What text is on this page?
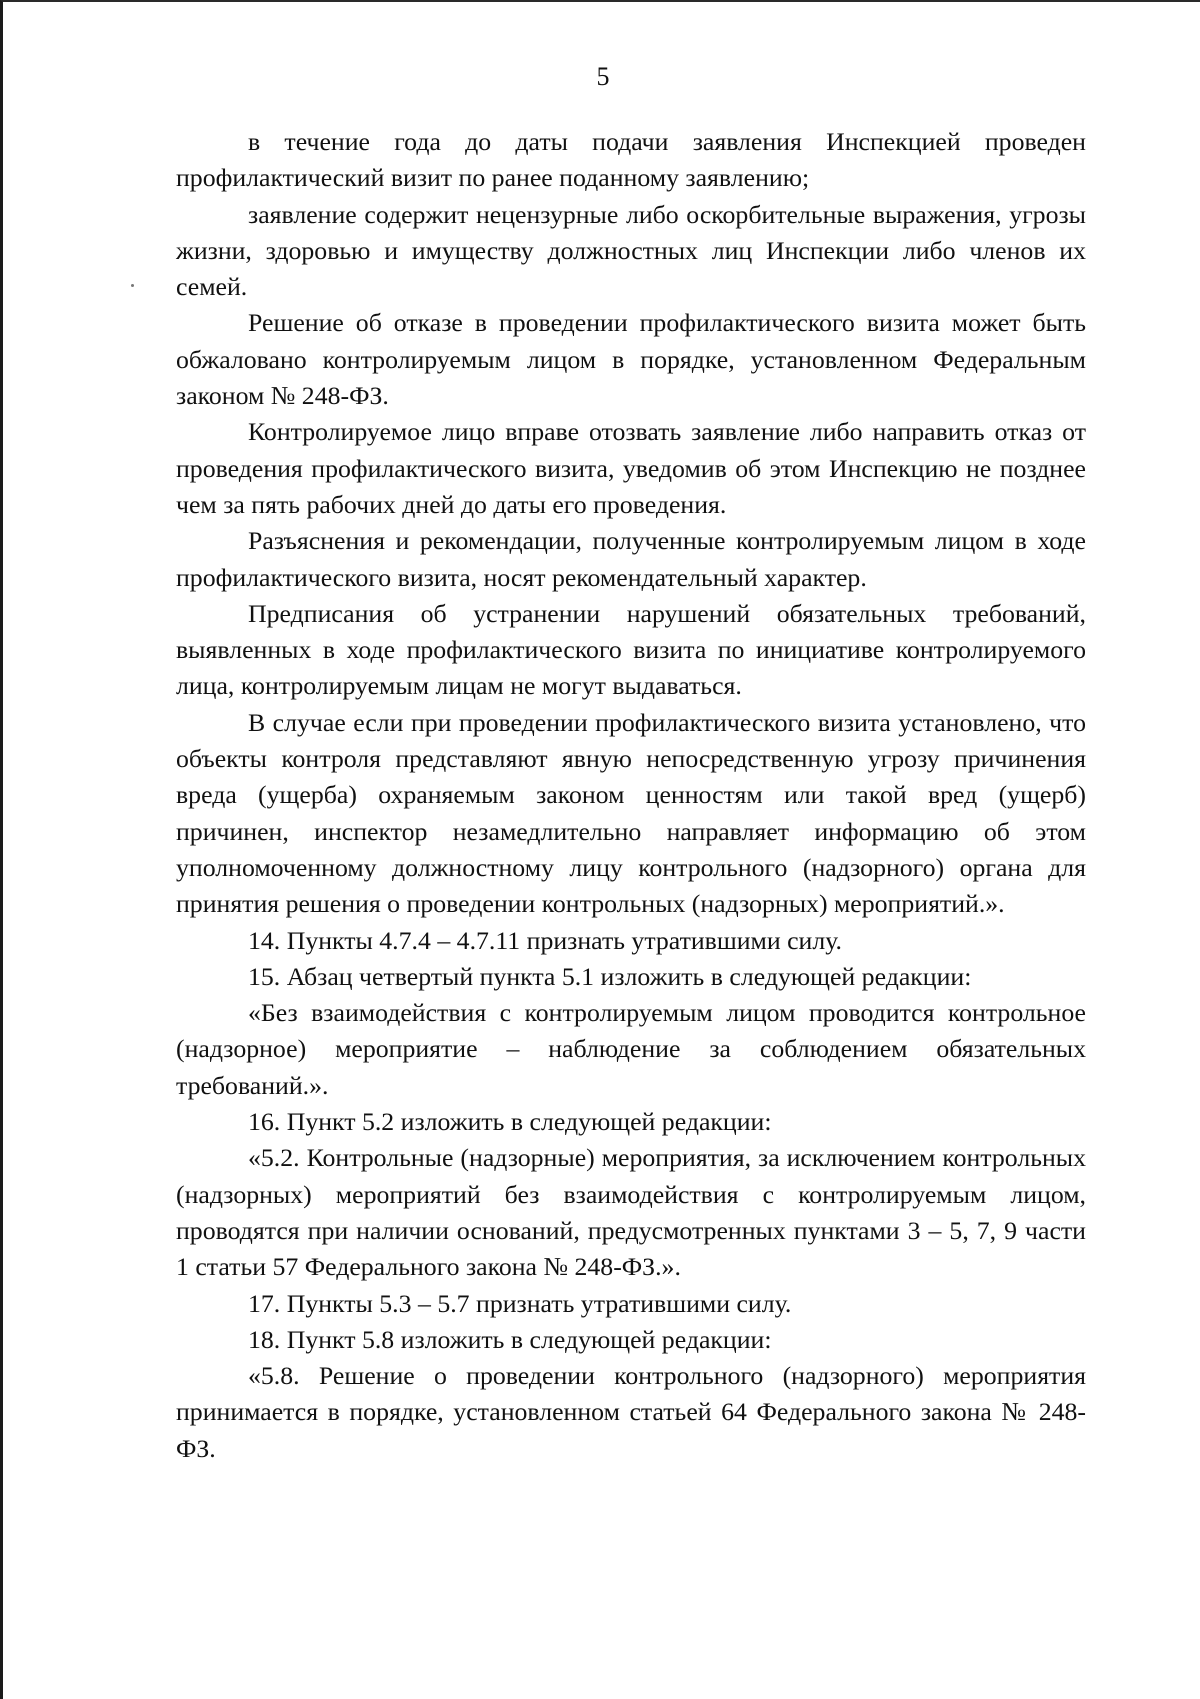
5

в течение года до даты подачи заявления Инспекцией проведен профилактический визит по ранее поданному заявлению;

заявление содержит нецензурные либо оскорбительные выражения, угрозы жизни, здоровью и имуществу должностных лиц Инспекции либо членов их семей.

Решение об отказе в проведении профилактического визита может быть обжаловано контролируемым лицом в порядке, установленном Федеральным законом № 248-ФЗ.

Контролируемое лицо вправе отозвать заявление либо направить отказ от проведения профилактического визита, уведомив об этом Инспекцию не позднее чем за пять рабочих дней до даты его проведения.

Разъяснения и рекомендации, полученные контролируемым лицом в ходе профилактического визита, носят рекомендательный характер.

Предписания об устранении нарушений обязательных требований, выявленных в ходе профилактического визита по инициативе контролируемого лица, контролируемым лицам не могут выдаваться.

В случае если при проведении профилактического визита установлено, что объекты контроля представляют явную непосредственную угрозу причинения вреда (ущерба) охраняемым законом ценностям или такой вред (ущерб) причинен, инспектор незамедлительно направляет информацию об этом уполномоченному должностному лицу контрольного (надзорного) органа для принятия решения о проведении контрольных (надзорных) мероприятий.».

14. Пункты 4.7.4 – 4.7.11 признать утратившими силу.

15. Абзац четвертый пункта 5.1 изложить в следующей редакции:

«Без взаимодействия с контролируемым лицом проводится контрольное (надзорное) мероприятие – наблюдение за соблюдением обязательных требований.».

16. Пункт 5.2 изложить в следующей редакции:

«5.2. Контрольные (надзорные) мероприятия, за исключением контрольных (надзорных) мероприятий без взаимодействия с контролируемым лицом, проводятся при наличии оснований, предусмотренных пунктами 3 – 5, 7, 9 части 1 статьи 57 Федерального закона № 248-ФЗ.».

17. Пункты 5.3 – 5.7 признать утратившими силу.

18. Пункт 5.8 изложить в следующей редакции:

«5.8. Решение о проведении контрольного (надзорного) мероприятия принимается в порядке, установленном статьей 64 Федерального закона № 248-ФЗ.
